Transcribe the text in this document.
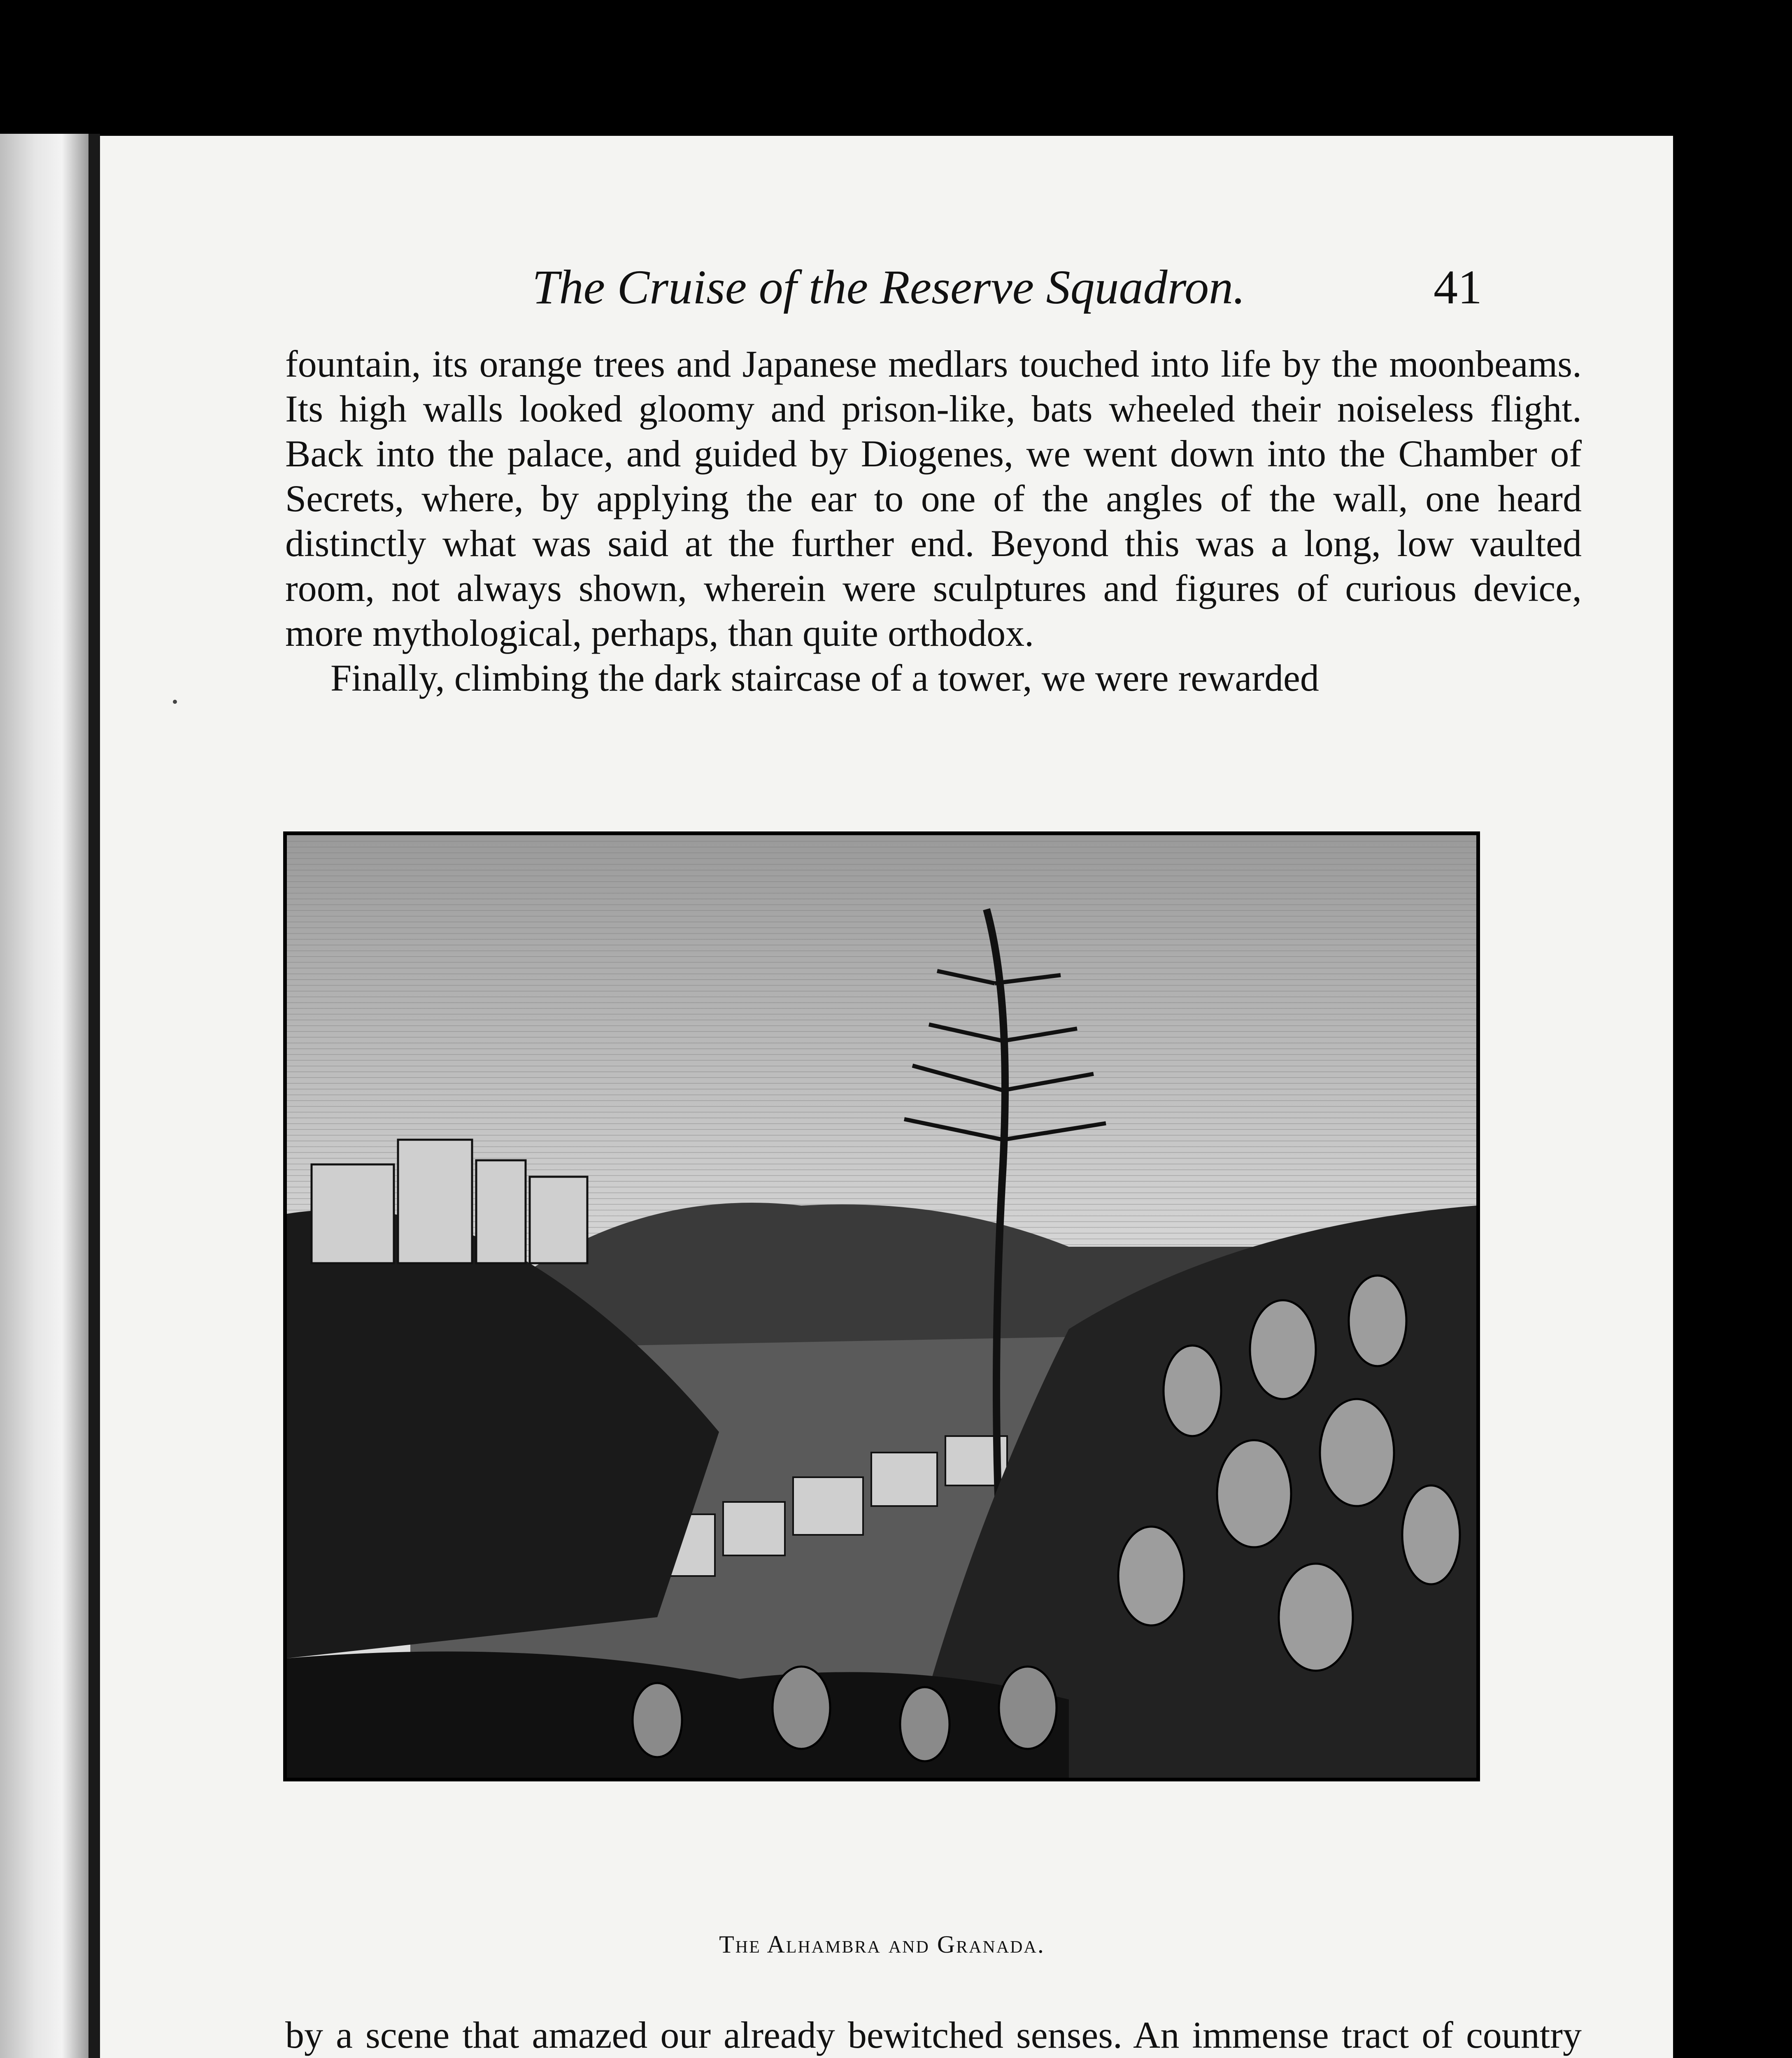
The Cruise of the Reserve Squadron.	41

fountain, its orange trees and Japanese medlars touched into life by the moonbeams. Its high walls looked gloomy and prison-like, bats wheeled their noiseless flight. Back into the palace, and guided by Diogenes, we went down into the Chamber of Secrets, where, by applying the ear to one of the angles of the wall, one heard distinctly what was said at the further end. Beyond this was a long, low vaulted room, not always shown, wherein were sculptures and figures of curious device, more mythological, perhaps, than quite orthodox.

Finally, climbing the dark staircase of a tower, we were rewarded

The Alhambra and Granada.

by a scene that amazed our already bewitched senses. An immense tract of country
